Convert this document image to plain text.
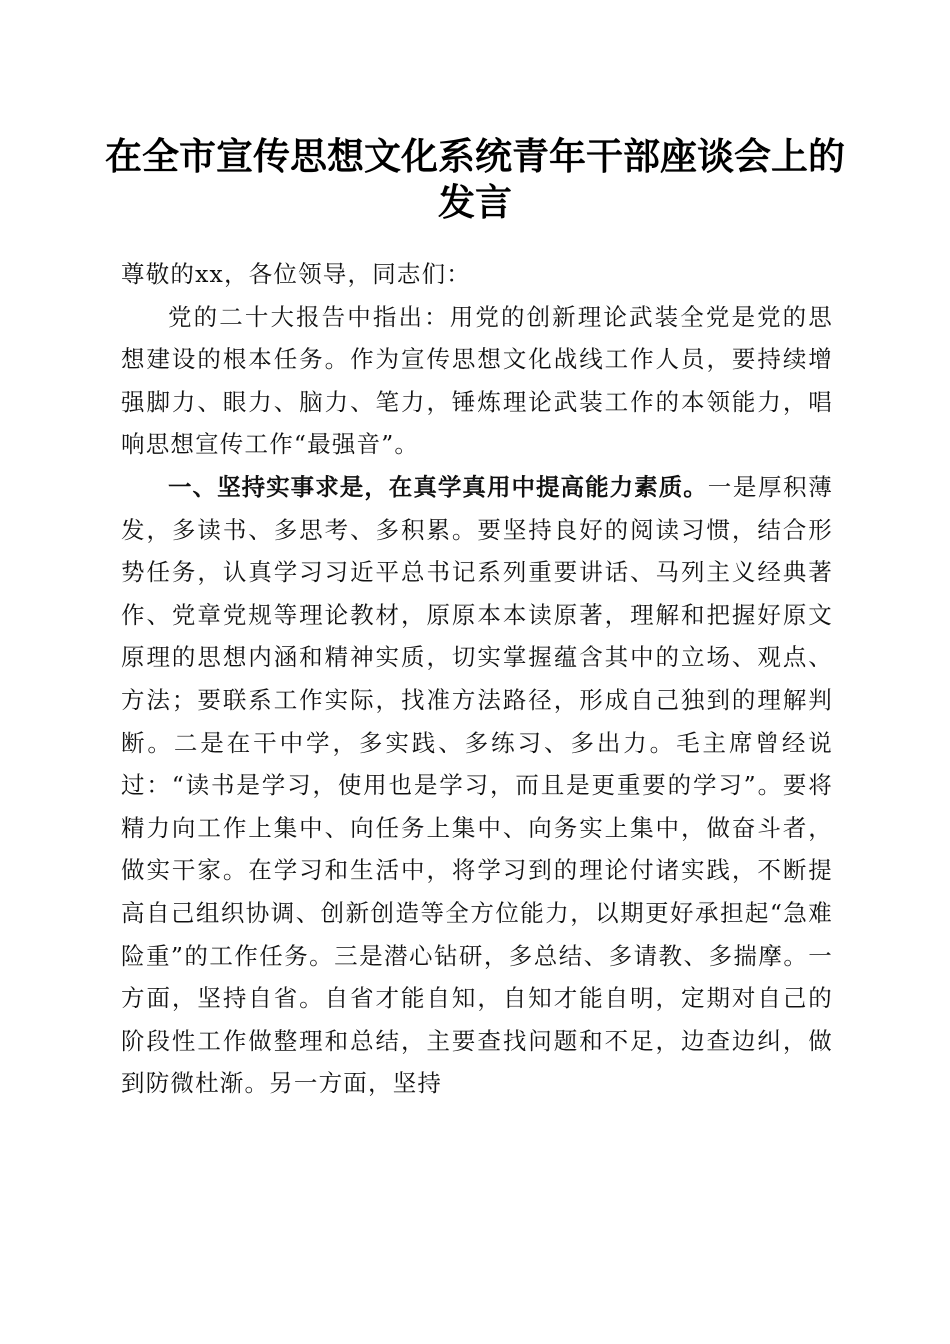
在全市宣传思想文化系统青年干部座谈会上的发言

尊敬的xx，各位领导，同志们：

党的二十大报告中指出：用党的创新理论武装全党是党的思想建设的根本任务。作为宣传思想文化战线工作人员，要持续增强脚力、眼力、脑力、笔力，锤炼理论武装工作的本领能力，唱响思想宣传工作“最强音”。

一、坚持实事求是，在真学真用中提高能力素质。一是厚积薄发，多读书、多思考、多积累。要坚持良好的阅读习惯，结合形势任务，认真学习习近平总书记系列重要讲话、马列主义经典著作、党章党规等理论教材，原原本本读原著，理解和把握好原文原理的思想内涵和精神实质，切实掌握蕴含其中的立场、观点、方法；要联系工作实际，找准方法路径，形成自己独到的理解判断。二是在干中学，多实践、多练习、多出力。毛主席曾经说过：“读书是学习，使用也是学习，而且是更重要的学习”。要将精力向工作上集中、向任务上集中、向务实上集中，做奋斗者，做实干家。在学习和生活中，将学习到的理论付诸实践，不断提高自己组织协调、创新创造等全方位能力，以期更好承担起“急难险重”的工作任务。三是潜心钻研，多总结、多请教、多揣摩。一方面，坚持自省。自省才能自知，自知才能自明，定期对自己的阶段性工作做整理和总结，主要查找问题和不足，边查边纠，做到防微杜渐。另一方面，坚持
